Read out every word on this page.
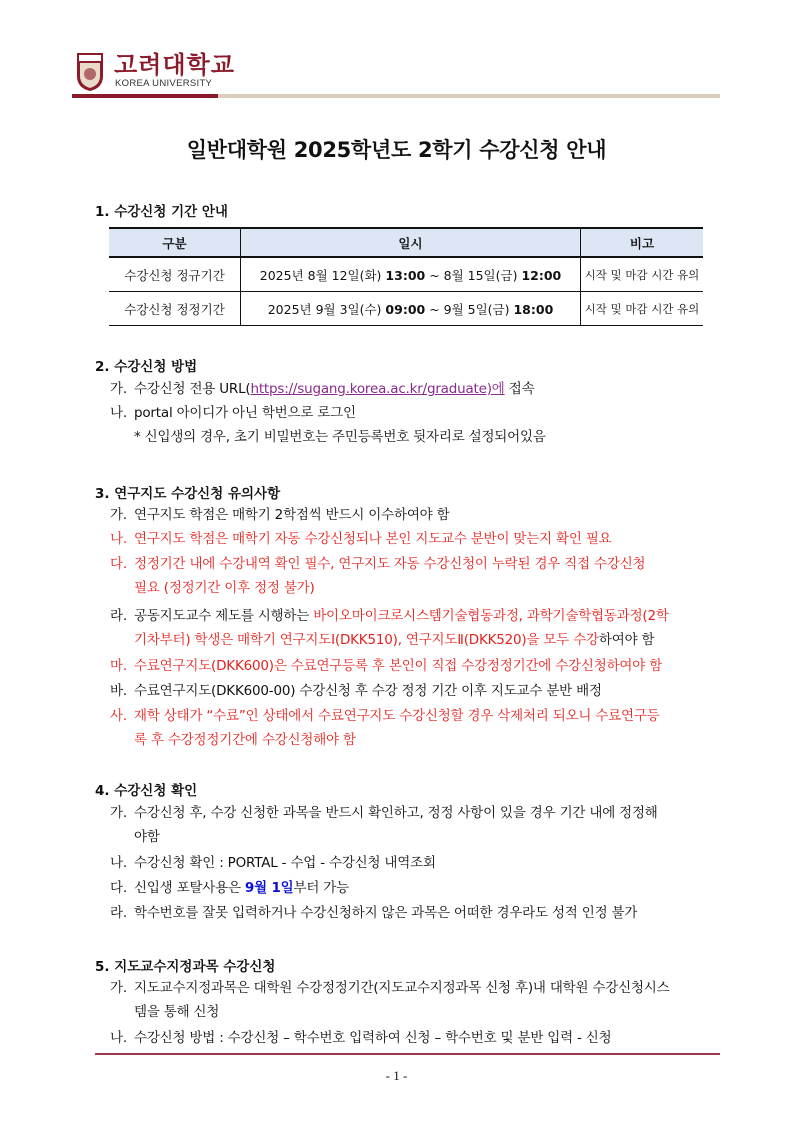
고려대학교
KOREA UNIVERSITY
일반대학원 2025학년도 2학기 수강신청 안내
1. 수강신청 기간 안내
구분	일시	비고
수강신청 정규기간	2025년 8월 12일(화) 13:00 ~ 8월 15일(금) 12:00	시작 및 마감 시간 유의
수강신청 정정기간	2025년 9월 3일(수) 09:00 ~ 9월 5일(금) 18:00	시작 및 마감 시간 유의
2. 수강신청 방법
가. 수강신청 전용 URL(https://sugang.korea.ac.kr/graduate)에 접속
나. portal 아이디가 아닌 학번으로 로그인
* 신입생의 경우, 초기 비밀번호는 주민등록번호 뒷자리로 설정되어있음
3. 연구지도 수강신청 유의사항
가. 연구지도 학점은 매학기 2학점씩 반드시 이수하여야 함
나. 연구지도 학점은 매학기 자동 수강신청되나 본인 지도교수 분반이 맞는지 확인 필요
다. 정정기간 내에 수강내역 확인 필수, 연구지도 자동 수강신청이 누락된 경우 직접 수강신청
필요 (정정기간 이후 정정 불가)
라. 공동지도교수 제도를 시행하는 바이오마이크로시스템기술협동과정, 과학기술학협동과정(2학
기차부터) 학생은 매학기 연구지도Ⅰ(DKK510), 연구지도Ⅱ(DKK520)을 모두 수강하여야 함
마. 수료연구지도(DKK600)은 수료연구등록 후 본인이 직접 수강정정기간에 수강신청하여야 함
바. 수료연구지도(DKK600-00) 수강신청 후 수강 정정 기간 이후 지도교수 분반 배정
사. 재학 상태가 “수료”인 상태에서 수료연구지도 수강신청할 경우 삭제처리 되오니 수료연구등
록 후 수강정정기간에 수강신청해야 함
4. 수강신청 확인
가. 수강신청 후, 수강 신청한 과목을 반드시 확인하고, 정정 사항이 있을 경우 기간 내에 정정해
야함
나. 수강신청 확인 : PORTAL - 수업 - 수강신청 내역조회
다. 신입생 포탈사용은 9월 1일부터 가능
라. 학수번호를 잘못 입력하거나 수강신청하지 않은 과목은 어떠한 경우라도 성적 인정 불가
5. 지도교수지정과목 수강신청
가. 지도교수지정과목은 대학원 수강정정기간(지도교수지정과목 신청 후)내 대학원 수강신청시스
템을 통해 신청
나. 수강신청 방법 : 수강신청 – 학수번호 입력하여 신청 – 학수번호 및 분반 입력 - 신청
- 1 -
